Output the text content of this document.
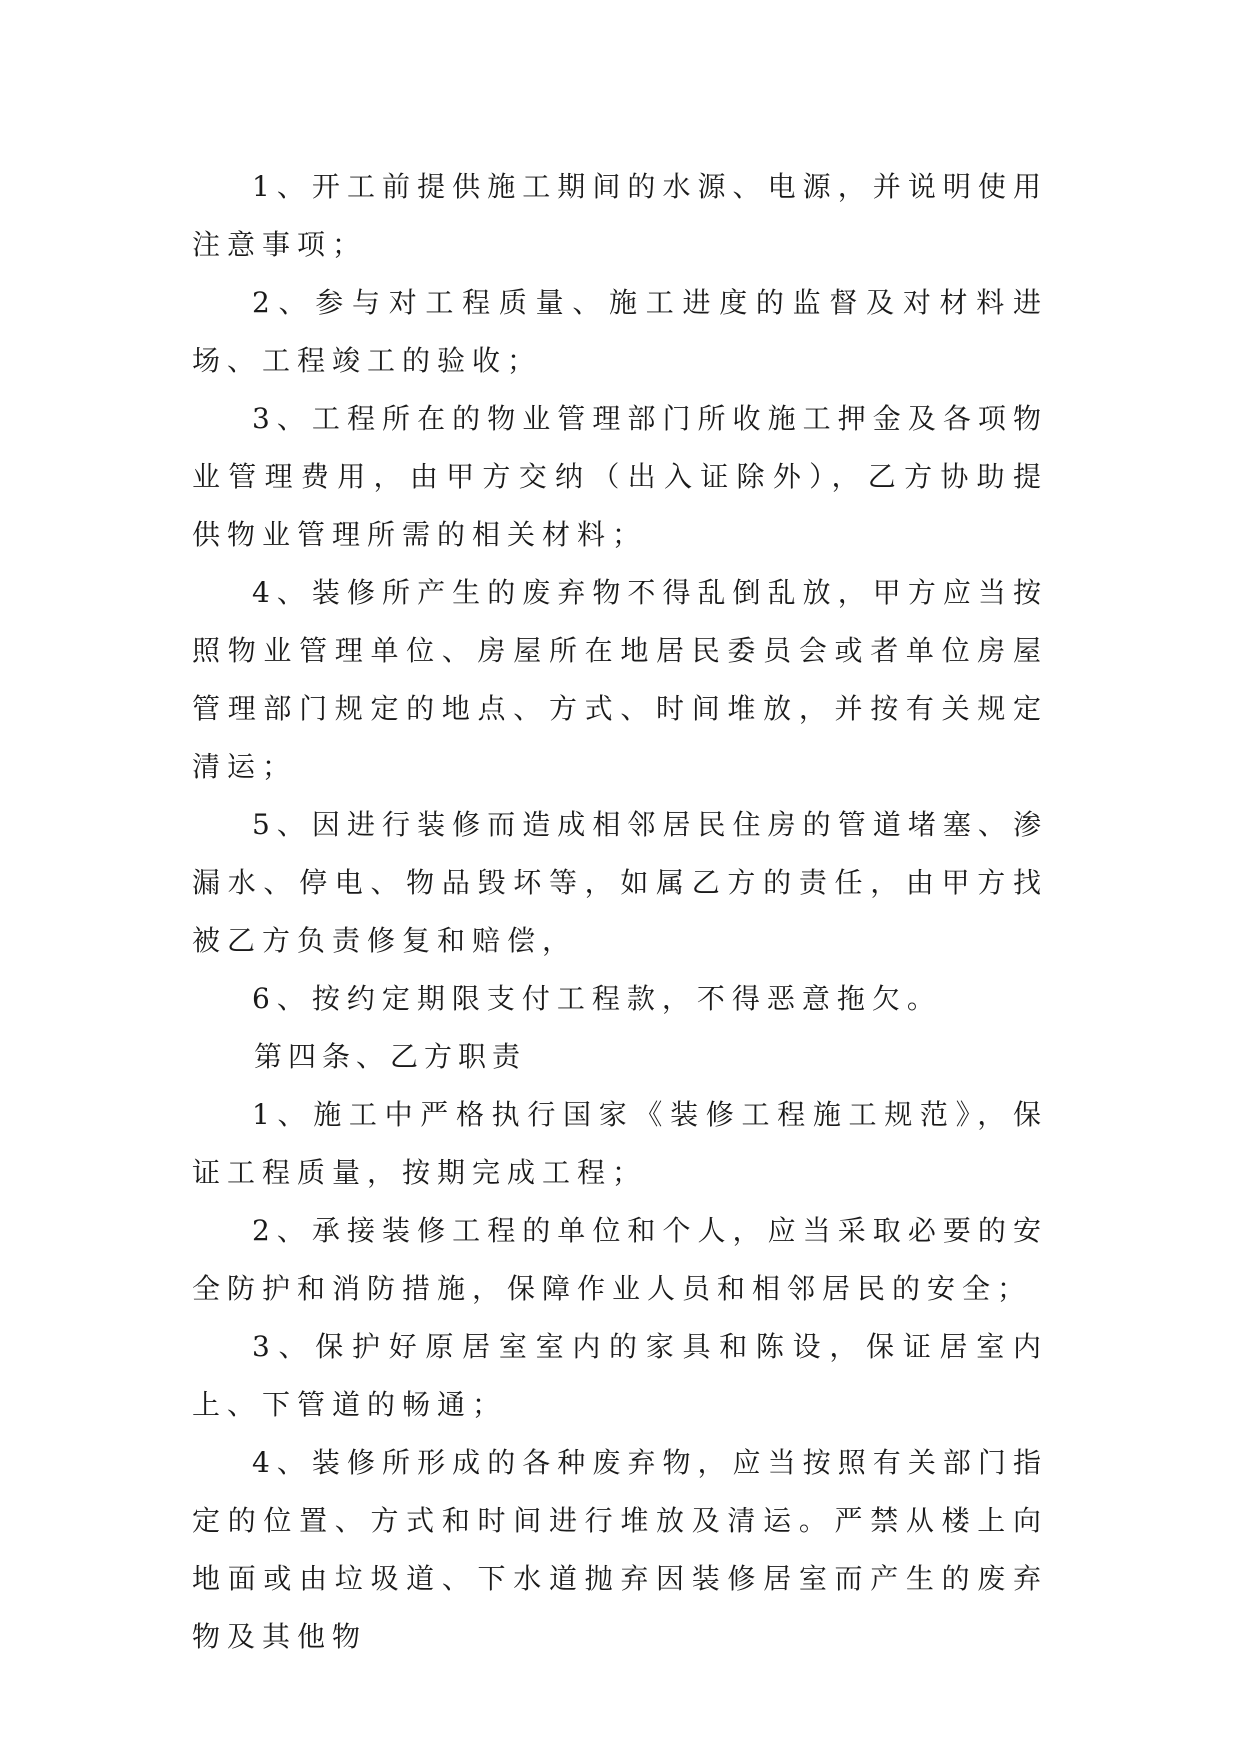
1、开工前提供施工期间的水源、电源，并说明使用注意事项；

2、参与对工程质量、施工进度的监督及对材料进场、工程竣工的验收；

3、工程所在的物业管理部门所收施工押金及各项物业管理费用，由甲方交纳（出入证除外），乙方协助提供物业管理所需的相关材料；

4、装修所产生的废弃物不得乱倒乱放，甲方应当按照物业管理单位、房屋所在地居民委员会或者单位房屋管理部门规定的地点、方式、时间堆放，并按有关规定清运；

5、因进行装修而造成相邻居民住房的管道堵塞、渗漏水、停电、物品毁坏等，如属乙方的责任，由甲方找被乙方负责修复和赔偿，

6、按约定期限支付工程款，不得恶意拖欠。

第四条、乙方职责

1、施工中严格执行国家《装修工程施工规范》，保证工程质量，按期完成工程；

2、承接装修工程的单位和个人，应当采取必要的安全防护和消防措施，保障作业人员和相邻居民的安全；

3、保护好原居室室内的家具和陈设，保证居室内上、下管道的畅通；

4、装修所形成的各种废弃物，应当按照有关部门指定的位置、方式和时间进行堆放及清运。严禁从楼上向地面或由垃圾道、下水道抛弃因装修居室而产生的废弃物及其他物
